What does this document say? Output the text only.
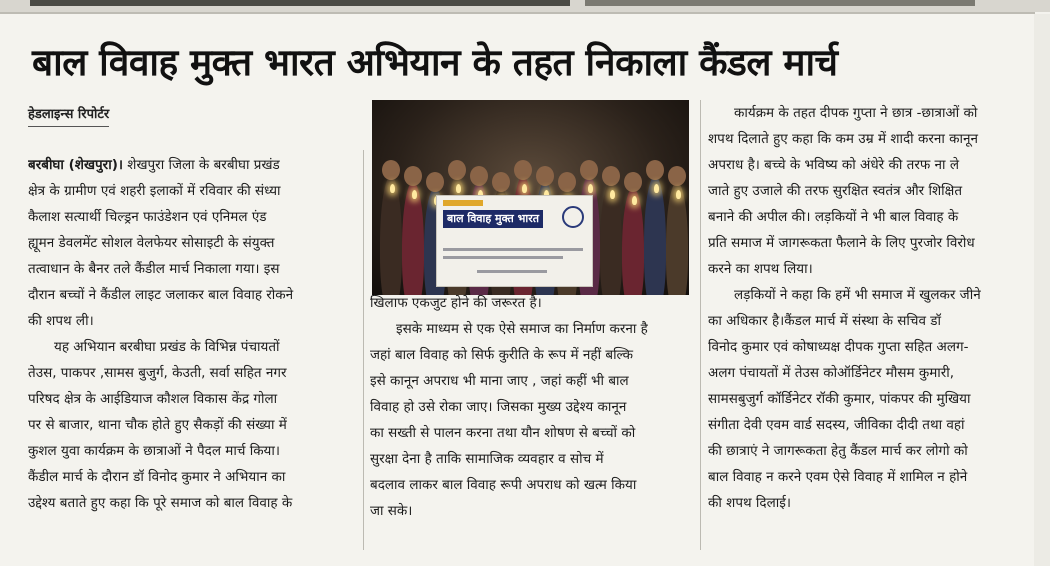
बाल विवाह मुक्त भारत अभियान के तहत निकाला कैंडल मार्च
हेडलाइन्स रिपोर्टर
बरबीघा (शेखपुरा)। शेखपुरा जिला के बरबीघा प्रखंड
क्षेत्र के ग्रामीण एवं शहरी इलाकों में रविवार की संध्या
कैलाश सत्यार्थी चिल्ड्रन फाउंडेशन एवं एनिमल एंड
ह्यूमन डेवलमेंट सोशल वेलफेयर सोसाइटी के संयुक्त
तत्वाधान के बैनर तले कैंडील मार्च निकाला गया। इस
दौरान बच्चों ने कैंडील लाइट जलाकर बाल विवाह रोकने
की शपथ ली।
यह अभियान बरबीघा प्रखंड के विभिन्न पंचायतों
तेउस, पाकपर ,सामस बुजुर्ग, केउती, सर्वा सहित नगर
परिषद क्षेत्र के आईडियाज कौशल विकास केंद्र गोला
पर से बाजार, थाना चौक होते हुए सैकड़ों की संख्या में
कुशल युवा कार्यक्रम के छात्राओं ने पैदल मार्च किया।
कैंडील मार्च के दौरान डॉ विनोद कुमार ने अभियान का
उद्देश्य बताते हुए कहा कि पूरे समाज को बाल विवाह के
बाल विवाह मुक्त भारत
खिलाफ एकजुट होने की जरूरत है।
इसके माध्यम से एक ऐसे समाज का निर्माण करना है
जहां बाल विवाह को सिर्फ कुरीति के रूप में नहीं बल्कि
इसे कानून अपराध भी माना जाए , जहां कहीं भी बाल
विवाह हो उसे रोका जाए। जिसका मुख्य उद्देश्य कानून
का सख्ती से पालन करना तथा यौन शोषण से बच्चों को
सुरक्षा देना है ताकि सामाजिक व्यवहार व सोच में
बदलाव लाकर बाल विवाह रूपी अपराध को खत्म किया
जा सके।
कार्यक्रम के तहत दीपक गुप्ता ने छात्र -छात्राओं को
शपथ दिलाते हुए कहा कि कम उम्र में शादी करना कानून
अपराध है। बच्चे के भविष्य को अंधेरे की तरफ ना ले
जाते हुए उजाले की तरफ सुरक्षित स्वतंत्र और शिक्षित
बनाने की अपील की। लड़कियों ने भी बाल विवाह के
प्रति समाज में जागरूकता फैलाने के लिए पुरजोर विरोध
करने का शपथ लिया।
लड़कियों ने कहा कि हमें भी समाज में खुलकर जीने
का अधिकार है।कैंडल मार्च में संस्था के सचिव डॉ
विनोद कुमार एवं कोषाध्यक्ष दीपक गुप्ता सहित अलग-
अलग पंचायतों में तेउस कोऑर्डिनेटर मौसम कुमारी,
सामसबुजुर्ग कॉर्डिनेटर रॉकी कुमार, पांकपर की मुखिया
संगीता देवी एवम वार्ड सदस्य, जीविका दीदी तथा वहां
की छात्राएं ने जागरूकता हेतु कैंडल मार्च कर लोगो को
बाल विवाह न करने एवम ऐसे विवाह में शामिल न होने
की शपथ दिलाई।
